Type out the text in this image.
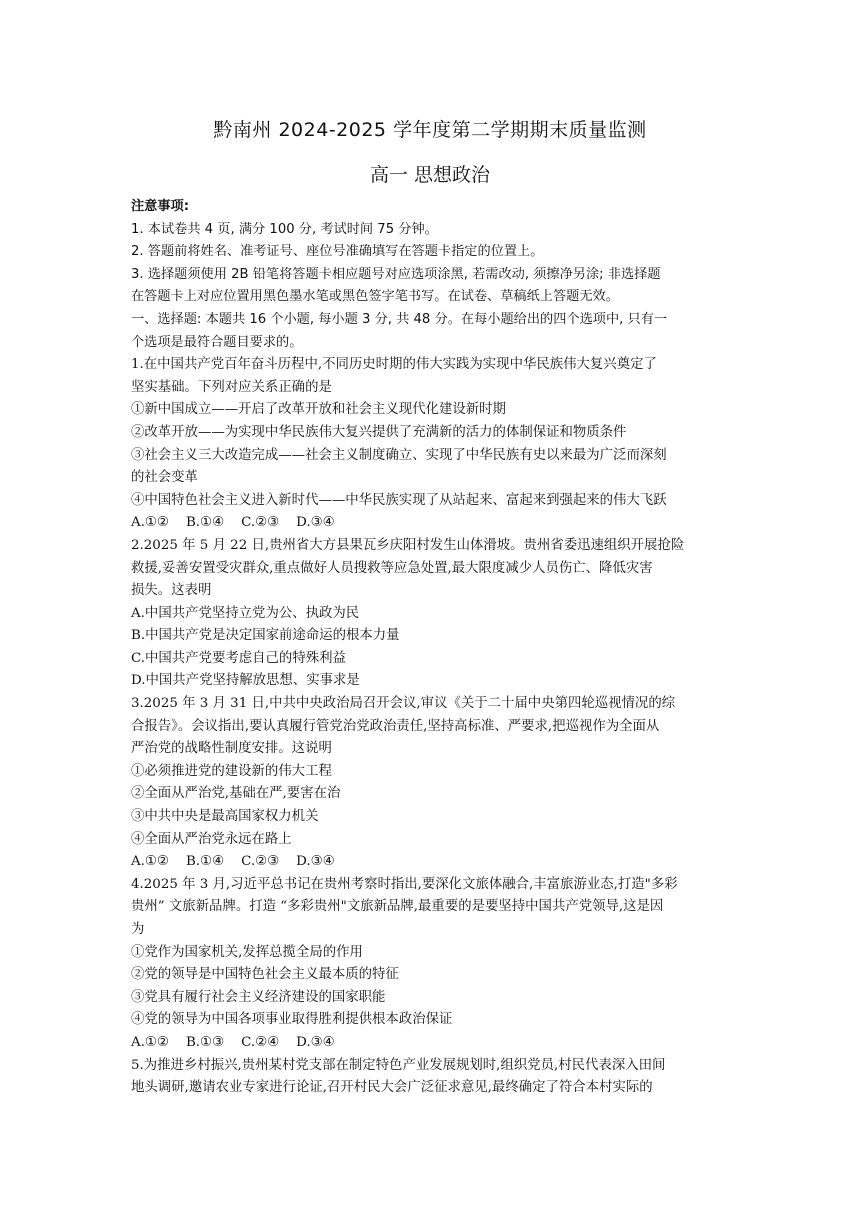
黔南州 2024-2025 学年度第二学期期末质量监测
高一 思想政治
注意事项:
1. 本试卷共 4 页, 满分 100 分, 考试时间 75 分钟。
2. 答题前将姓名、准考证号、座位号准确填写在答题卡指定的位置上。
3. 选择题须使用 2B 铅笔将答题卡相应题号对应选项涂黑, 若需改动, 须擦净另涂; 非选择题
在答题卡上对应位置用黑色墨水笔或黑色签字笔书写。在试卷、草稿纸上答题无效。
一、选择题: 本题共 16 个小题, 每小题 3 分, 共 48 分。在每小题给出的四个选项中, 只有一
个选项是最符合题目要求的。
1.在中国共产党百年奋斗历程中,不同历史时期的伟大实践为实现中华民族伟大复兴奠定了
坚实基础。下列对应关系正确的是
①新中国成立——开启了改革开放和社会主义现代化建设新时期
②改革开放——为实现中华民族伟大复兴提供了充满新的活力的体制保证和物质条件
③社会主义三大改造完成——社会主义制度确立、实现了中华民族有史以来最为广泛而深刻
的社会变革
④中国特色社会主义进入新时代——中华民族实现了从站起来、富起来到强起来的伟大飞跃
A.①②    B.①④    C.②③    D.③④
2.2025 年 5 月 22 日,贵州省大方县果瓦乡庆阳村发生山体滑坡。贵州省委迅速组织开展抢险
救援,妥善安置受灾群众,重点做好人员搜救等应急处置,最大限度减少人员伤亡、降低灾害
损失。这表明
A.中国共产党坚持立党为公、执政为民
B.中国共产党是决定国家前途命运的根本力量
C.中国共产党要考虑自己的特殊利益
D.中国共产党坚持解放思想、实事求是
3.2025 年 3 月 31 日,中共中央政治局召开会议,审议《关于二十届中央第四轮巡视情况的综
合报告》。会议指出,要认真履行管党治党政治责任,坚持高标准、严要求,把巡视作为全面从
严治党的战略性制度安排。这说明
①必须推进党的建设新的伟大工程
②全面从严治党,基础在严,要害在治
③中共中央是最高国家权力机关
④全面从严治党永远在路上
A.①②    B.①④    C.②③    D.③④
4.2025 年 3 月,习近平总书记在贵州考察时指出,要深化文旅体融合,丰富旅游业态,打造"多彩
贵州” 文旅新品牌。打造 “多彩贵州"文旅新品牌,最重要的是要坚持中国共产党领导,这是因
为
①党作为国家机关,发挥总揽全局的作用
②党的领导是中国特色社会主义最本质的特征
③党具有履行社会主义经济建设的国家职能
④党的领导为中国各项事业取得胜利提供根本政治保证
A.①②    B.①③    C.②④    D.③④
5.为推进乡村振兴,贵州某村党支部在制定特色产业发展规划时,组织党员,村民代表深入田间
地头调研,邀请农业专家进行论证,召开村民大会广泛征求意见,最终确定了符合本村实际的
